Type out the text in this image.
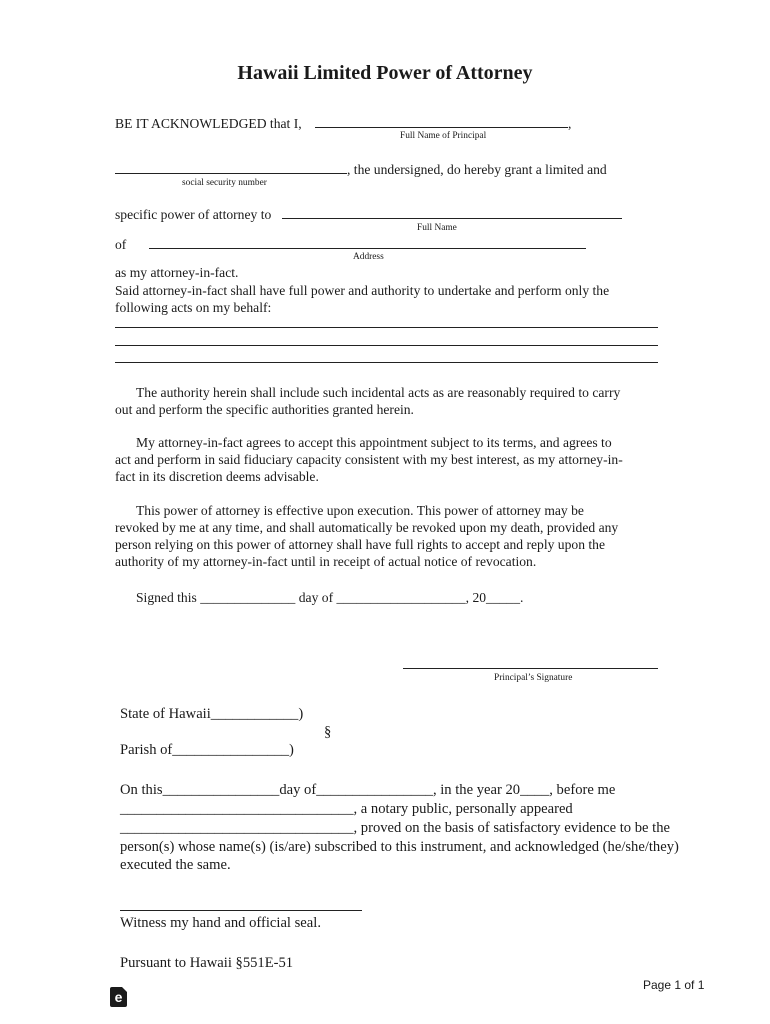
Hawaii Limited Power of Attorney
BE IT ACKNOWLEDGED that I,	,
Full Name of Principal
, the undersigned, do hereby grant a limited and
social security number
specific power of attorney to
Full Name
of
Address
as my attorney-in-fact.
Said attorney-in-fact shall have full power and authority to undertake and perform only the
following acts on my behalf:
The authority herein shall include such incidental acts as are reasonably required to carry
out and perform the specific authorities granted herein.
My attorney-in-fact agrees to accept this appointment subject to its terms, and agrees to
act and perform in said fiduciary capacity consistent with my best interest, as my attorney-in-
fact in its discretion deems advisable.
This power of attorney is effective upon execution. This power of attorney may be
revoked by me at any time, and shall automatically be revoked upon my death, provided any
person relying on this power of attorney shall have full rights to accept and reply upon the
authority of my attorney-in-fact until in receipt of actual notice of revocation.
Signed this ______________ day of ___________________, 20_____.
Principal’s Signature
State of Hawaii____________)
§
Parish of________________)
On this________________day of________________, in the year 20____, before me
________________________________, a notary public, personally appeared
________________________________, proved on the basis of satisfactory evidence to be the
person(s) whose name(s) (is/are) subscribed to this instrument, and acknowledged (he/she/they)
executed the same.
Witness my hand and official seal.
Pursuant to Hawaii §551E-51
e
Page 1 of 1
